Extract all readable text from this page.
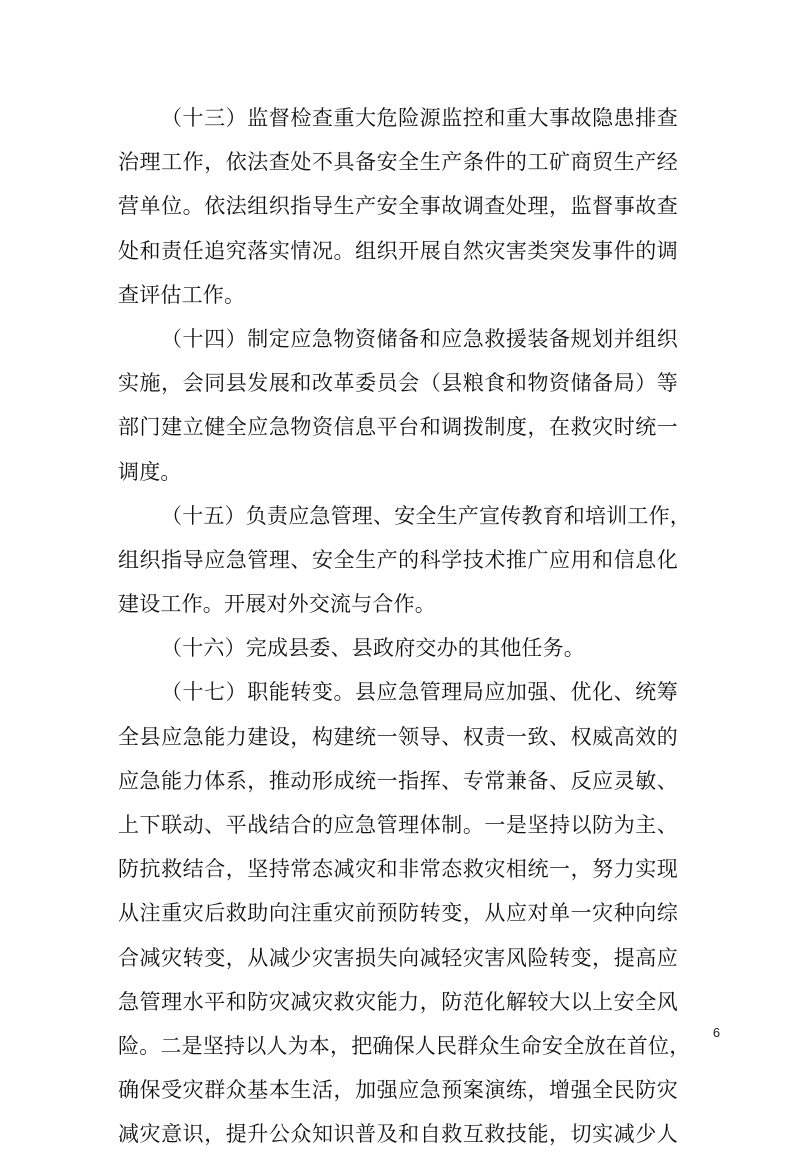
（十三）监督检查重大危险源监控和重大事故隐患排查
治理工作，依法查处不具备安全生产条件的工矿商贸生产经
营单位。依法组织指导生产安全事故调查处理，监督事故查
处和责任追究落实情况。组织开展自然灾害类突发事件的调
查评估工作。
（十四）制定应急物资储备和应急救援装备规划并组织
实施，会同县发展和改革委员会（县粮食和物资储备局）等
部门建立健全应急物资信息平台和调拨制度，在救灾时统一
调度。
（十五）负责应急管理、安全生产宣传教育和培训工作，
组织指导应急管理、安全生产的科学技术推广应用和信息化
建设工作。开展对外交流与合作。
（十六）完成县委、县政府交办的其他任务。
（十七）职能转变。县应急管理局应加强、优化、统筹
全县应急能力建设，构建统一领导、权责一致、权威高效的
应急能力体系，推动形成统一指挥、专常兼备、反应灵敏、
上下联动、平战结合的应急管理体制。一是坚持以防为主、
防抗救结合，坚持常态减灾和非常态救灾相统一，努力实现
从注重灾后救助向注重灾前预防转变，从应对单一灾种向综
合减灾转变，从减少灾害损失向减轻灾害风险转变，提高应
急管理水平和防灾减灾救灾能力，防范化解较大以上安全风
险。二是坚持以人为本，把确保人民群众生命安全放在首位，
确保受灾群众基本生活，加强应急预案演练，增强全民防灾
减灾意识，提升公众知识普及和自救互救技能，切实减少人
6
